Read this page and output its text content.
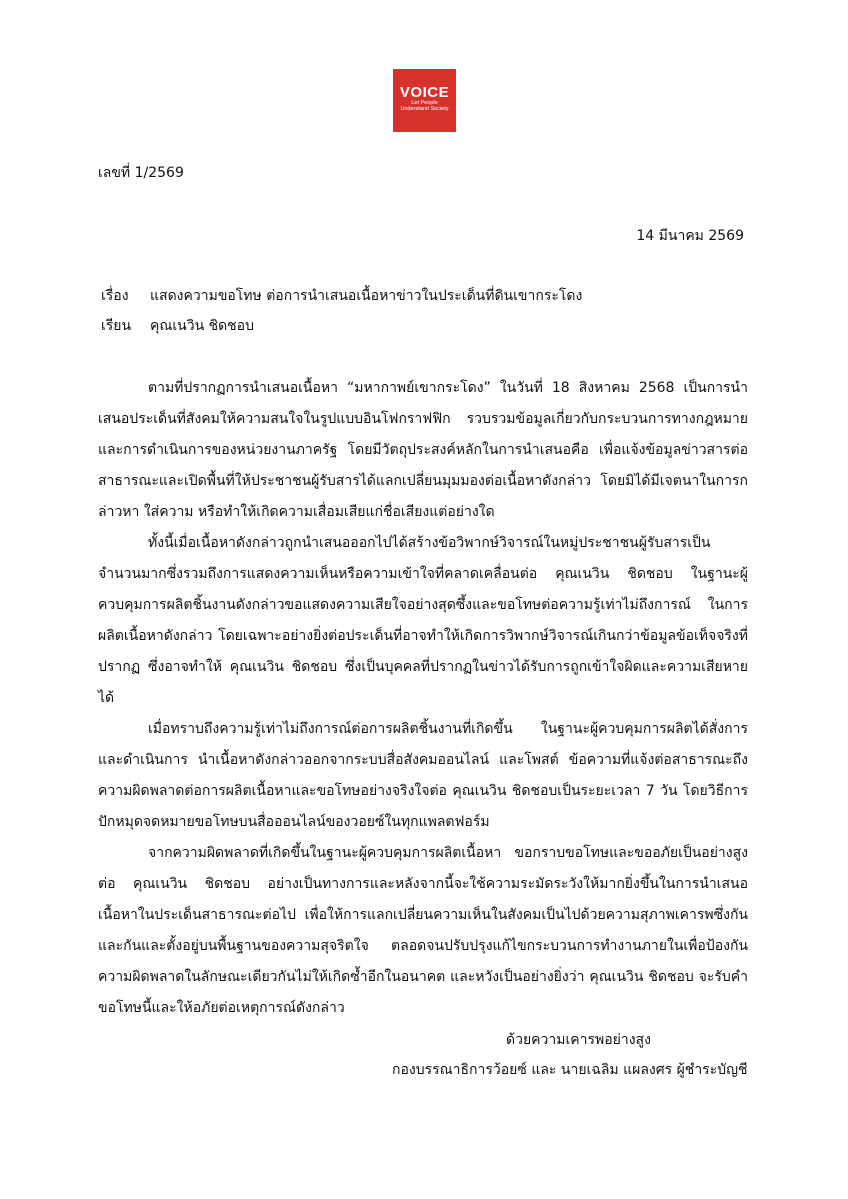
VOICE
Let People
Understand Society
เลขที่ 1/2569
14 มีนาคม 2569
เรื่อง แสดงความขอโทษ ต่อการนำเสนอเนื้อหาข่าวในประเด็นที่ดินเขากระโดง
เรียน คุณเนวิน ชิดชอบ

ตามที่ปรากฏการนำเสนอเนื้อหา “มหากาพย์เขากระโดง” ในวันที่ 18 สิงหาคม 2568 เป็นการนำเสนอประเด็นที่สังคมให้ความสนใจในรูปแบบอินโฟกราฟฟิก รวบรวมข้อมูลเกี่ยวกับกระบวนการทางกฎหมายและการดำเนินการของหน่วยงานภาครัฐ โดยมีวัตถุประสงค์หลักในการนำเสนอคือ เพื่อแจ้งข้อมูลข่าวสารต่อสาธารณะและเปิดพื้นที่ให้ประชาชนผู้รับสารได้แลกเปลี่ยนมุมมองต่อเนื้อหาดังกล่าว โดยมิได้มีเจตนาในการกล่าวหา ใส่ความ หรือทำให้เกิดความเสื่อมเสียแก่ชื่อเสียงแต่อย่างใด

ทั้งนี้เมื่อเนื้อหาดังกล่าวถูกนำเสนอออกไปได้สร้างข้อวิพากษ์วิจารณ์ในหมู่ประชาชนผู้รับสารเป็นจำนวนมากซึ่งรวมถึงการแสดงความเห็นหรือความเข้าใจที่คลาดเคลื่อนต่อ คุณเนวิน ชิดชอบ ในฐานะผู้ควบคุมการผลิตชิ้นงานดังกล่าวขอแสดงความเสียใจอย่างสุดซึ้งและขอโทษต่อความรู้เท่าไม่ถึงการณ์ ในการผลิตเนื้อหาดังกล่าว โดยเฉพาะอย่างยิ่งต่อประเด็นที่อาจทำให้เกิดการวิพากษ์วิจารณ์เกินกว่าข้อมูลข้อเท็จจริงที่ปรากฏ ซึ่งอาจทำให้ คุณเนวิน ชิดชอบ ซึ่งเป็นบุคคลที่ปรากฏในข่าวได้รับการถูกเข้าใจผิดและความเสียหายได้

เมื่อทราบถึงความรู้เท่าไม่ถึงการณ์ต่อการผลิตชิ้นงานที่เกิดขึ้น ในฐานะผู้ควบคุมการผลิตได้สั่งการและดำเนินการ นำเนื้อหาดังกล่าวออกจากระบบสื่อสังคมออนไลน์ และโพสต์ ข้อความที่แจ้งต่อสาธารณะถึงความผิดพลาดต่อการผลิตเนื้อหาและขอโทษอย่างจริงใจต่อ คุณเนวิน ชิดชอบเป็นระยะเวลา 7 วัน โดยวิธีการปักหมุดจดหมายขอโทษบนสื่อออนไลน์ของวอยซ์ในทุกแพลตฟอร์ม

จากความผิดพลาดที่เกิดขึ้นในฐานะผู้ควบคุมการผลิตเนื้อหา ขอกราบขอโทษและขออภัยเป็นอย่างสูงต่อ คุณเนวิน ชิดชอบ อย่างเป็นทางการและหลังจากนี้จะใช้ความระมัดระวังให้มากยิ่งขึ้นในการนำเสนอเนื้อหาในประเด็นสาธารณะต่อไป เพื่อให้การแลกเปลี่ยนความเห็นในสังคมเป็นไปด้วยความสุภาพเคารพซึ่งกันและกันและตั้งอยู่บนพื้นฐานของความสุจริตใจ ตลอดจนปรับปรุงแก้ไขกระบวนการทำงานภายในเพื่อป้องกันความผิดพลาดในลักษณะเดียวกันไม่ให้เกิดซ้ำอีกในอนาคต และหวังเป็นอย่างยิ่งว่า คุณเนวิน ชิดชอบ จะรับคำขอโทษนี้และให้อภัยต่อเหตุการณ์ดังกล่าว

ด้วยความเคารพอย่างสูง
กองบรรณาธิการว้อยซ์ และ นายเฉลิม แผลงศร ผู้ชำระบัญชี
